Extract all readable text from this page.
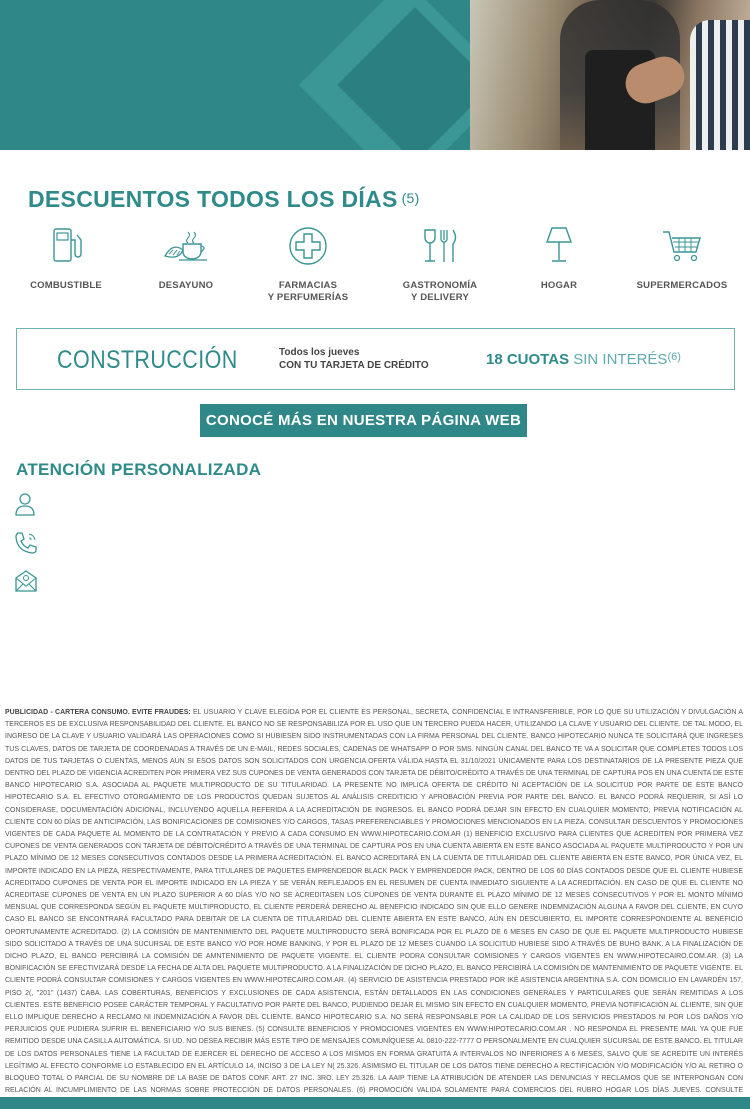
DESCUENTOS TODOS LOS DÍAS $^{(5)}$
COMBUSTIBLE	DESAYUNO	FARMACIAS
Y PERFUMERÍAS
GASTRONOMÍA
Y DELIVERY
HOGAR	SUPERMERCADOS
CONSTRUCCIÓN	Todos los jueves
CON TU TARJETA DE CRÉDITO	18 CUOTAS SIN INTERÉS$^{(6)}$
CONOCÉ MÁS EN NUESTRA PÁGINA WEB
ATENCIÓN PERSONALIZADA
PUBLICIDAD - CARTERA CONSUMO. EVITE FRAUDES: EL USUARIO Y CLAVE ELEGIDA POR EL CLIENTE ES PERSONAL, SECRETA, CONFIDENCIAL E INTRANSFERIBLE, POR LO QUE SU UTILIZACIÓN Y DIVULGACIÓN A TERCEROS ES DE EXCLUSIVA RESPONSABILIDAD DEL CLIENTE. EL BANCO NO SE RESPONSABILIZA POR EL USO QUE UN TERCERO PUEDA HACER, UTILIZANDO LA CLAVE Y USUARIO DEL CLIENTE. DE TAL MODO, EL INGRESO DE LA CLAVE Y USUARIO VALIDARÁ LAS OPERACIONES COMO SI HUBIESEN SIDO INSTRUMENTADAS CON LA FIRMA PERSONAL DEL CLIENTE. BANCO HIPOTECARIO NUNCA TE SOLICITARÁ QUE INGRESES TUS CLAVES, DATOS DE TARJETA DE COORDENADAS A TRAVÉS DE UN E-MAIL, REDES SOCIALES, CADENAS DE WHATSAPP O POR SMS. NINGÚN CANAL DEL BANCO TE VA A SOLICITAR QUE COMPLETES TODOS LOS DATOS DE TUS TARJETAS O CUENTAS, MENOS AÚN SI ESOS DATOS SON SOLICITADOS CON URGENCIA.OFERTA VÁLIDA HASTA EL 31/10/2021 ÚNICAMENTE PARA LOS DESTINATARIOS DE LA PRESENTE PIEZA QUE DENTRO DEL PLAZO DE VIGENCIA ACREDITEN POR PRIMERA VEZ SUS CUPONES DE VENTA GENERADOS CON TARJETA DE DÉBITO/CRÉDITO A TRAVÉS DE UNA TERMINAL DE CAPTURA POS EN UNA CUENTA DE ESTE BANCO HIPOTECARIO S.A. ASOCIADA AL PAQUETE MULTIPRODUCTO DE SU TITULARIDAD. LA PRESENTE NO IMPLICA OFERTA DE CRÉDITO NI ACEPTACIÓN DE LA SOLICITUD POR PARTE DE ESTE BANCO HIPOTECARIO S.A. EL EFECTIVO OTORGAMIENTO DE LOS PRODUCTOS QUEDAN SUJETOS AL ANÁLISIS CREDITICIO Y APROBACIÓN PREVIA POR PARTE DEL BANCO. EL BANCO PODRÁ REQUERIR, SI ASÍ LO CONSIDERASE, DOCUMENTACIÓN ADICIONAL, INCLUYENDO AQUELLA REFERIDA A LA ACREDITACIÓN DE INGRESOS. EL BANCO PODRÁ DEJAR SIN EFECTO EN CUALQUIER MOMENTO, PREVIA NOTIFICACIÓN AL CLIENTE CON 60 DÍAS DE ANTICIPACIÓN, LAS BONIFICACIONES DE COMISIONES Y/O CARGOS, TASAS PREFERENCIABLES Y PROMOCIONES MENCIONADOS EN LA PIEZA. CONSULTAR DESCUENTOS Y PROMOCIONES VIGENTES DE CADA PAQUETE AL MOMENTO DE LA CONTRATACIÓN Y PREVIO A CADA CONSUMO EN WWW.HIPOTECARIO.COM.AR (1) BENEFICIO EXCLUSIVO PARA CLIENTES QUE ACREDITEN POR PRIMERA VEZ CUPONES DE VENTA GENERADOS CON TARJETA DE DÉBITO/CRÉDITO A TRAVÉS DE UNA TERMINAL DE CAPTURA POS EN UNA CUENTA ABIERTA EN ESTE BANCO ASOCIADA AL PAQUETE MULTIPRODUCTO Y POR UN PLAZO MÍNIMO DE 12 MESES CONSECUTIVOS CONTADOS DESDE LA PRIMERA ACREDITACIÓN. EL BANCO ACREDITARÁ EN LA CUENTA DE TITULARIDAD DEL CLIENTE ABIERTA EN ESTE BANCO, POR ÚNICA VEZ, EL IMPORTE INDICADO EN LA PIEZA, RESPECTIVAMENTE, PARA TITULARES DE PAQUETES EMPRENDEDOR BLACK PACK Y EMPRENDEDOR PACK, DENTRO DE LOS 60 DÍAS CONTADOS DESDE QUE EL CLIENTE HUBIESE ACREDITADO CUPONES DE VENTA POR EL IMPORTE INDICADO EN LA PIEZA Y SE VERÁN REFLEJADOS EN EL RESUMEN DE CUENTA INMEDIATO SIGUIENTE A LA ACREDITACIÓN. EN CASO DE QUE EL CLIENTE NO ACREDITASE CUPONES DE VENTA EN UN PLAZO SUPERIOR A 60 DÍAS Y/O NO SE ACREDITASEN LOS CUPONES DE VENTA DURANTE EL PLAZO MÍNIMO DE 12 MESES CONSECUTIVOS Y POR EL MONTO MÍNIMO MENSUAL QUE CORRESPONDA SEGÚN EL PAQUETE MULTIPRODUCTO, EL CLIENTE PERDERÁ DERECHO AL BENEFICIO INDICADO SIN QUE ELLO GENERE INDEMNIZACIÓN ALGUNA A FAVOR DEL CLIENTE, EN CUYO CASO EL BANCO SE ENCONTRARÁ FACULTADO PARA DEBITAR DE LA CUENTA DE TITULARIDAD DEL CLIENTE ABIERTA EN ESTE BANCO, AÚN EN DESCUBIERTO, EL IMPORTE CORRESPONDIENTE AL BENEFICIO OPORTUNAMENTE ACREDITADO. (2) LA COMISIÓN DE MANTENIMIENTO DEL PAQUETE MULTIPRODUCTO SERÁ BONIFICADA POR EL PLAZO DE 6 MESES EN CASO DE QUE EL PAQUETE MULTIPRODUCTO HUBIESE SIDO SOLICITADO A TRAVÉS DE UNA SUCURSAL DE ESTE BANCO Y/O POR HOME BANKING, Y POR EL PLAZO DE 12 MESES CUANDO LA SOLICITUD HUBIESE SIDO A TRAVÉS DE BUHO BANK. A LA FINALIZACIÓN DE DICHO PLAZO, EL BANCO PERCIBIRÁ LA COMISIÓN DE AMNTENIMIENTO DE PAQUETE VIGENTE. EL CLIENTE PODRA CONSULTAR COMISIONES Y CARGOS VIGENTES EN WWW.HIPOTECAIRO.COM.AR. (3) LA BONIFICACIÓN SE EFECTIVIZARÁ DESDE LA FECHA DE ALTA DEL PAQUETE MULTIPRODUCTO. A LA FINALIZACIÓN DE DICHO PLAZO, EL BANCO PERCIBIRÁ LA COMISIÓN DE MANTENIMIENTO DE PAQUETE VIGENTE. EL CLIENTE PODRÁ CONSULTAR COMISIONES Y CARGOS VIGENTES EN WWW.HIPOTECAIRO.COM.AR. (4) SERVICIO DE ASISTENCIA PRESTADO POR IKÉ ASISTENCIA ARGENTINA S.A. CON DOMICILIO EN LAVARDÉN 157, PISO 2(, "201" (1437) CABA. LAS COBERTURAS, BENEFICIOS Y EXCLUSIONES DE CADA ASISTENCIA, ESTÁN DETALLADOS EN LAS CONDICIONES GENERALES Y PARTICULARES QUE SERÁN REMITIDAS A LOS CLIENTES. ESTE BENEFICIO POSEE CARÁCTER TEMPORAL Y FACULTATIVO POR PARTE DEL BANCO, PUDIENDO DEJAR EL MISMO SIN EFECTO EN CUALQUIER MOMENTO, PREVIA NOTIFICACIÓN AL CLIENTE, SIN QUE ELLO IMPLIQUE DERECHO A RECLAMO NI INDEMNIZACIÓN A FAVOR DEL CLIENTE. BANCO HIPOTECARIO S.A. NO SERÁ RESPONSABLE POR LA CALIDAD DE LOS SERVICIOS PRESTADOS NI POR LOS DAÑOS Y/O PERJUICIOS QUE PUDIERA SUFRIR EL BENEFICIARIO Y/O SUS BIENES. (5) CONSULTE BENEFICIOS Y PROMOCIONES VIGENTES EN WWW.HIPOTECARIO.COM.AR . NO RESPONDA EL PRESENTE MAIL YA QUE FUE REMITIDO DESDE UNA CASILLA AUTOMÁTICA. SI UD. NO DESEA RECIBIR MÁS ESTE TIPO DE MENSAJES COMUNÍQUESE AL 0810-222-7777 O PERSONALMENTE EN CUALQUIER SUCURSAL DE ESTE BANCO. EL TITULAR DE LOS DATOS PERSONALES TIENE LA FACULTAD DE EJERCER EL DERECHO DE ACCESO A LOS MISMOS EN FORMA GRATUITA A INTERVALOS NO INFERIORES A 6 MESES, SALVO QUE SE ACREDITE UN INTERÉS LEGÍTIMO AL EFECTO CONFORME LO ESTABLECIDO EN EL ARTÍCULO 14, INCISO 3 DE LA LEY N( 25.326. ASIMISMO EL TITULAR DE LOS DATOS TIENE DERECHO A RECTIFICACIÓN Y/O MODIFICACIÓN Y/O AL RETIRO O BLOQUEO TOTAL O PARCIAL DE SU NOMBRE DE LA BASE DE DATOS CONF. ART. 27 INC. 3RO. LEY 25.326. LA AAIP TIENE LA ATRIBUCIÓN DE ATENDER LAS DENUNCIAS Y RECLAMOS QUE SE INTERPONGAN CON RELACIÓN AL INCUMPLIMIENTO DE LAS NORMAS SOBRE PROTECCIÓN DE DATOS PERSONALES. (6) PROMOCIÓN VALIDA SOLAMENTE PARA COMERCIOS DEL RUBRO HOGAR LOS DÍAS JUEVES. CONSULTE
